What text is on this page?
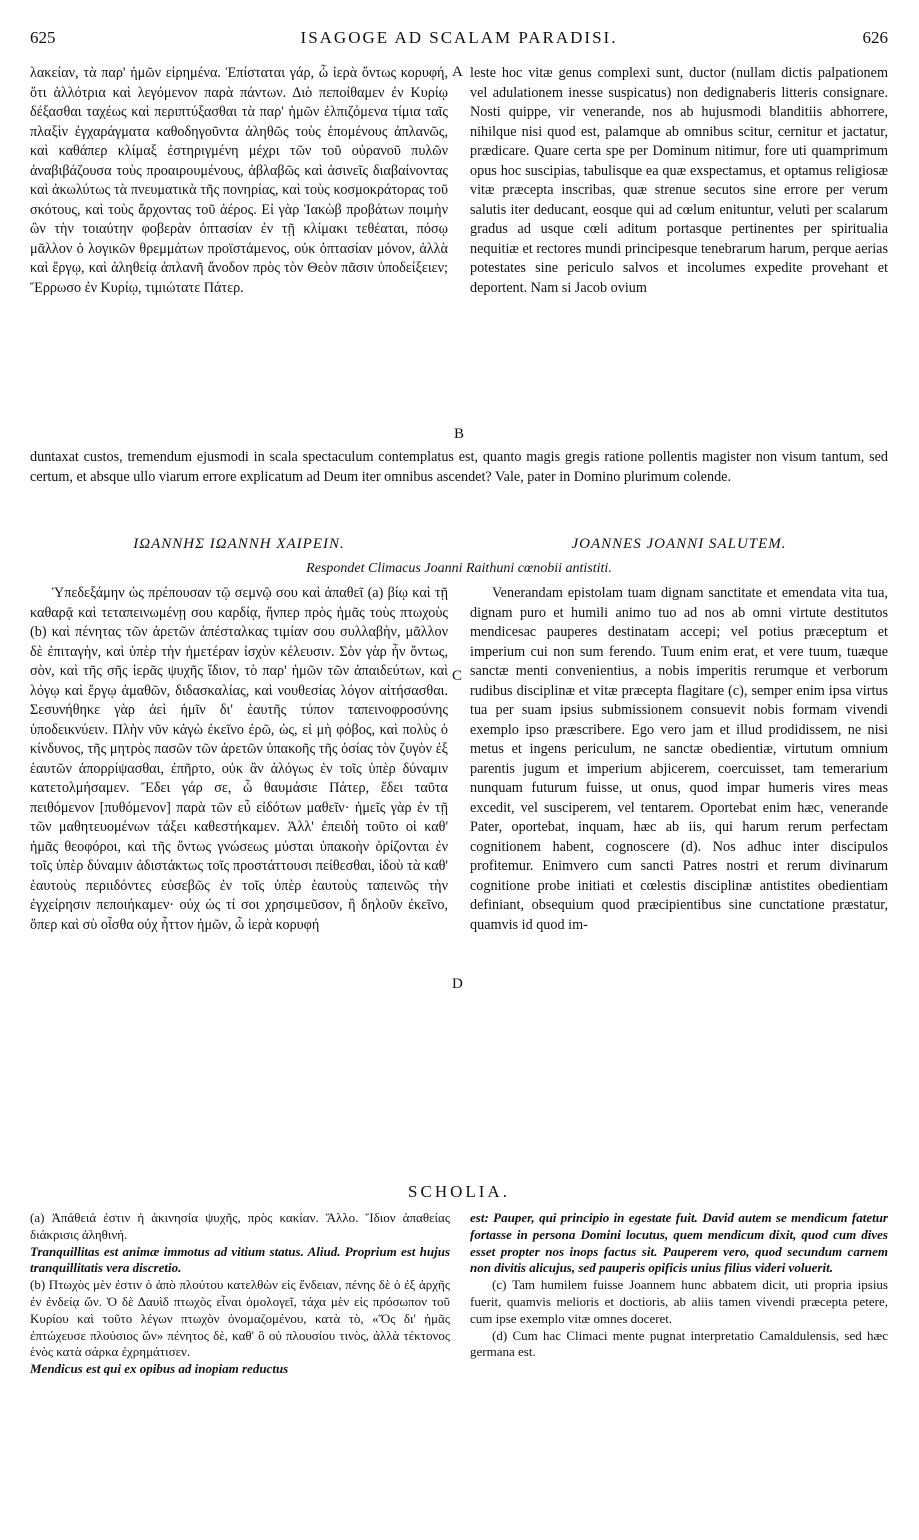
625	ISAGOGE AD SCALAM PARADISI.	626

λακείαν, τὰ παρ' ἡμῶν εἰρημένα. Ἐπίσταται γάρ, ὦ ἱερὰ ὄντως κορυφή, ὅτι ἀλλότρια καὶ λεγόμενον παρὰ πάντων. Διὸ πεποίθαμεν ἐν Κυρίῳ δέξασθαι ταχέως καὶ περιπτύξασθαι τὰ παρ' ἡμῶν ἐλπιζόμενα τίμια ταῖς πλαξὶν ἐγχαράγματα καθοδηγοῦντα ἀληθῶς τοὺς ἑπομένους ἀπλανῶς, καὶ καθάπερ κλίμαξ ἐστηριγμένη μέχρι τῶν τοῦ οὐρανοῦ πυλῶν ἀναβιβάζουσα τοὺς προαιρουμένους, ἀβλαβῶς καὶ ἀσινεῖς διαβαίνοντας καὶ ἀκωλύτως τὰ πνευματικὰ τῆς πονηρίας, καὶ τοὺς κοσμοκράτορας τοῦ σκότους, καὶ τοὺς ἄρχοντας τοῦ ἀέρος. Εἰ γὰρ Ἰακὼβ προβάτων ποιμὴν ὢν τὴν τοιαύτην φοβερὰν ὀπτασίαν ἐν τῇ κλίμακι τεθέαται, πόσῳ μᾶλλον ὁ λογικῶν θρεμμάτων προϊστάμενος, οὐκ ὀπτασίαν μόνον, ἀλλὰ καὶ ἔργῳ, καὶ ἀληθείᾳ ἀπλανῆ ἄνοδον πρὸς τὸν Θεὸν πᾶσιν ὑποδείξειεν; Ἔρρωσο ἐν Κυρίῳ, τιμιώτατε Πάτερ.

leste hoc vitæ genus complexi sunt, ductor (nullam dictis palpationem vel adulationem inesse suspicatus) non dedignaberis litteris consignare. Nosti quippe, vir venerande, nos ab hujusmodi blanditiis abhorrere, nihilque nisi quod est, palamque ab omnibus scitur, cernitur et jactatur, prædicare. Quare certa spe per Dominum nitimur, fore uti quamprimum opus hoc suscipias, tabulisque ea quæ exspectamus, et optamus religiosæ vitæ præcepta inscribas, quæ strenue secutos sine errore per verum salutis iter deducant, eosque qui ad cœlum enituntur, veluti per scalarum gradus ad usque cœli aditum portasque pertinentes per spiritualia nequitiæ et rectores mundi principesque tenebrarum harum, perque aerias potestates sine periculo salvos et incolumes expedite provehant et deportent. Nam si Jacob ovium

A
B

duntaxat custos, tremendum ejusmodi in scala spectaculum contemplatus est, quanto magis gregis ratione pollentis magister non visum tantum, sed certum, et absque ullo viarum errore explicatum ad Deum iter omnibus ascendet? Vale, pater in Domino plurimum colende.

ΙΩΑΝΝΗΣ ΙΩΑΝΝΗ ΧΑΙΡΕΙΝ.	JOANNES JOANNI SALUTEM.
Respondet Climacus Joanni Raithuni cœnobii antistiti.

Ὑπεδεξάμην ὡς πρέπουσαν τῷ σεμνῷ σου καὶ ἀπαθεῖ (a) βίῳ καὶ τῇ καθαρᾷ καὶ τεταπεινωμένῃ σου καρδίᾳ, ἥνπερ πρὸς ἡμᾶς τοὺς πτωχοὺς (b) καὶ πένητας τῶν ἀρετῶν ἀπέσταλκας τιμίαν σου συλλαβὴν, μᾶλλον δὲ ἐπιταγὴν, καὶ ὑπὲρ τὴν ἡμετέραν ἰσχὺν κέλευσιν. Σὸν γὰρ ἦν ὄντως, σὸν, καὶ τῆς σῆς ἱερᾶς ψυχῆς ἴδιον, τὸ παρ' ἡμῶν τῶν ἀπαιδεύτων, καὶ λόγῳ καὶ ἔργῳ ἀμαθῶν, διδασκαλίας, καὶ νουθεσίας λόγον αἰτήσασθαι. Σεσυνήθηκε γὰρ ἀεὶ ἡμῖν δι' ἑαυτῆς τύπον ταπεινοφροσύνης ὑποδεικνύειν. Πλὴν νῦν κἀγὼ ἐκεῖνο ἐρῶ, ὡς, εἰ μὴ φόβος, καὶ πολὺς ὁ κίνδυνος, τῆς μητρὸς πασῶν τῶν ἀρετῶν ὑπακοῆς τῆς ὁσίας τὸν ζυγὸν ἐξ ἑαυτῶν ἀπορρίψασθαι, ἐπῆρτο, οὐκ ἂν ἀλόγως ἐν τοῖς ὑπὲρ δύναμιν κατετολμήσαμεν. Ἔδει γάρ σε, ὦ θαυμάσιε Πάτερ, ἔδει ταῦτα πειθόμενον [πυθόμενον] παρὰ τῶν εὖ εἰδότων μαθεῖν· ἡμεῖς γὰρ ἐν τῇ τῶν μαθητευομένων τάξει καθεστήκαμεν. Ἀλλ' ἐπειδὴ τοῦτο οἱ καθ' ἡμᾶς θεοφόροι, καὶ τῆς ὄντως γνώσεως μύσται ὑπακοὴν ὁρίζονται ἐν τοῖς ὑπὲρ δύναμιν ἀδιστάκτως τοῖς προστάττουσι πείθεσθαι, ἰδοὺ τὰ καθ' ἑαυτοὺς περιιδόντες εὐσεβῶς ἐν τοῖς ὑπὲρ ἑαυτοὺς ταπεινῶς τὴν ἐγχείρησιν πεποιήκαμεν· οὐχ ὡς τί σοι χρησιμεῦσον, ἢ δηλοῦν ἐκεῖνο, ὅπερ καὶ σὺ οἶσθα οὐχ ἧττον ἡμῶν, ὦ ἱερὰ κορυφή

Venerandam epistolam tuam dignam sanctitate et emendata vita tua, dignam puro et humili animo tuo ad nos ab omni virtute destitutos mendicesac pauperes destinatam accepi; vel potius præceptum et imperium cui non sum ferendo. Tuum enim erat, et vere tuum, tuæque sanctæ menti convenientius, a nobis imperitis rerumque et verborum rudibus disciplinæ et vitæ præcepta flagitare (c), semper enim ipsa virtus tua per suam ipsius submissionem consuevit nobis formam vivendi exemplo ipso præscribere. Ego vero jam et illud prodidissem, ne nisi metus et ingens periculum, ne sanctæ obedientiæ, virtutum omnium parentis jugum et imperium abjicerem, coercuisset, tam temerarium nunquam futurum fuisse, ut onus, quod impar humeris vires meas excedit, vel susciperem, vel tentarem. Oportebat enim hæc, venerande Pater, oportebat, inquam, hæc ab iis, qui harum rerum perfectam cognitionem habent, cognoscere (d). Nos adhuc inter discipulos profitemur. Enimvero cum sancti Patres nostri et rerum divinarum cognitione probe initiati et cœlestis disciplinæ antistites obedientiam definiant, obsequium quod præcipientibus sine cunctatione præstatur, quamvis id quod im-

C
D
SCHOLIA.

(a) Ἀπάθειά ἐστιν ἡ ἀκινησία ψυχῆς, πρὸς κακίαν. Ἄλλο. Ἴδιον ἀπαθείας διάκρισις ἀληθινή.

Tranquillitas est animæ immotus ad vitium status. Aliud. Proprium est hujus tranquillitatis vera discretio.

(b) Πτωχὸς μὲν ἐστιν ὁ ἀπὸ πλούτου κατελθὼν εἰς ἔνδειαν, πένης δὲ ὁ ἐξ ἀρχῆς ἐν ἐνδείᾳ ὤν. Ὁ δὲ Δαυὶδ πτωχὸς εἶναι ὁμολογεῖ, τάχα μὲν εἰς πρόσωπον τοῦ Κυρίου καὶ τοῦτο λέγων πτωχὸν ὀνομαζομένου, κατὰ τὸ, «Ὅς δι' ἡμᾶς ἐπτώχευσε πλούσιος ὢν» πένητος δὲ, καθ' ὃ οὐ πλουσίου τινὸς, ἀλλὰ τέκτονος ἑνὸς κατὰ σάρκα ἐχρημάτισεν.

Mendicus est qui ex opibus ad inopiam reductus

est: Pauper, qui principio in egestate fuit. David autem se mendicum fatetur fortasse in persona Domini locutus, quem mendicum dixit, quod cum dives esset propter nos inops factus sit. Pauperem vero, quod secundum carnem non divitis alicujus, sed pauperis opificis unius filius videri voluerit.

(c) Tam humilem fuisse Joannem hunc abbatem dicit, uti propria ipsius fuerit, quamvis melioris et doctioris, ab aliis tamen vivendi præcepta petere, cum ipse exemplo vitæ omnes doceret.

(d) Cum hac Climaci mente pugnat interpretatio Camaldulensis, sed hæc germana est.
